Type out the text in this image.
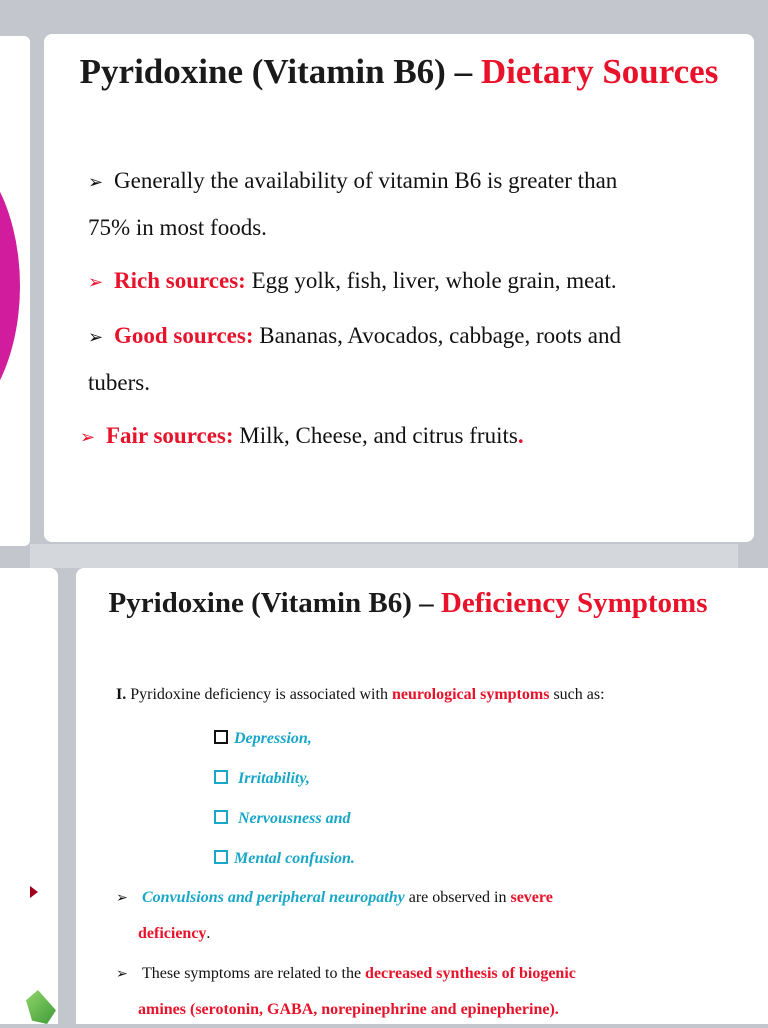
Pyridoxine (Vitamin B6) – Dietary Sources
➢ Generally the availability of vitamin B6 is greater than
75% in most foods.
➢ Rich sources: Egg yolk, fish, liver, whole grain, meat.
➢ Good sources: Bananas, Avocados, cabbage, roots and
tubers.
➢ Fair sources: Milk, Cheese, and citrus fruits.
Pyridoxine (Vitamin B6) – Deficiency Symptoms

I. Pyridoxine deficiency is associated with neurological symptoms such as:

Depression,
Irritability,
Nervousness and
Mental confusion.
➢ Convulsions and peripheral neuropathy are observed in severe
deficiency.
➢ These symptoms are related to the decreased synthesis of biogenic
amines (serotonin, GABA, norepinephrine and epinepherine).
